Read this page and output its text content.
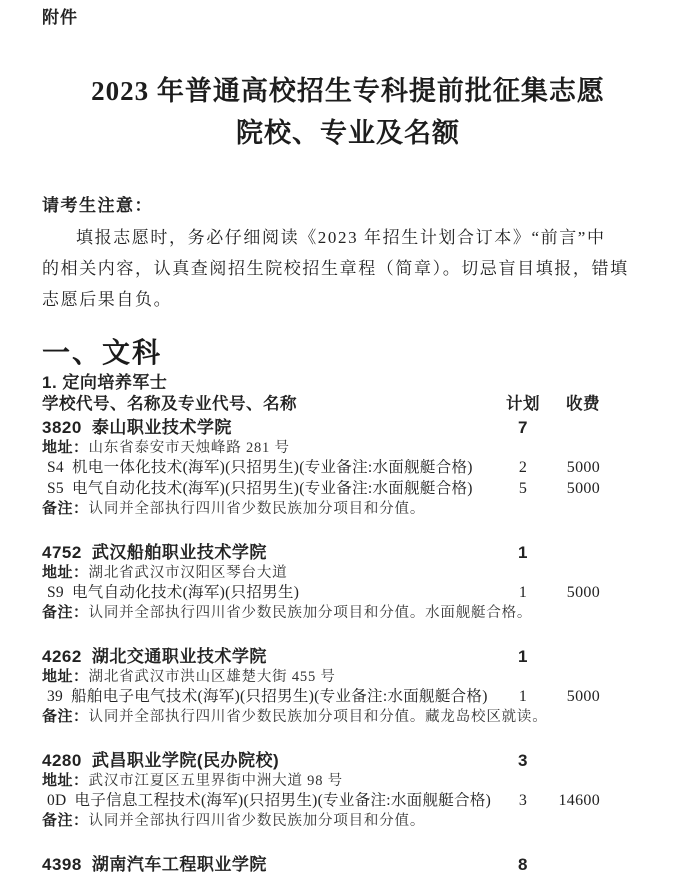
附件
2023 年普通高校招生专科提前批征集志愿
院校、专业及名额
请考生注意：
填报志愿时，务必仔细阅读《2023 年招生计划合订本》“前言”中
的相关内容，认真查阅招生院校招生章程（简章）。切忌盲目填报，错填
志愿后果自负。
一、文科
1. 定向培养军士
学校代号、名称及专业代号、名称	计划	收费
3820 泰山职业技术学院	7
地址：山东省泰安市天烛峰路 281 号
S4 机电一体化技术(海军)(只招男生)(专业备注:水面舰艇合格)	2	5000
S5 电气自动化技术(海军)(只招男生)(专业备注:水面舰艇合格)	5	5000
备注：认同并全部执行四川省少数民族加分项目和分值。
4752 武汉船舶职业技术学院	1
地址：湖北省武汉市汉阳区琴台大道
S9 电气自动化技术(海军)(只招男生)	1	5000
备注：认同并全部执行四川省少数民族加分项目和分值。水面舰艇合格。
4262 湖北交通职业技术学院	1
地址：湖北省武汉市洪山区雄楚大街 455 号
39 船舶电子电气技术(海军)(只招男生)(专业备注:水面舰艇合格)	1	5000
备注：认同并全部执行四川省少数民族加分项目和分值。藏龙岛校区就读。
4280 武昌职业学院(民办院校)	3
地址：武汉市江夏区五里界街中洲大道 98 号
0D 电子信息工程技术(海军)(只招男生)(专业备注:水面舰艇合格)	3	14600
备注：认同并全部执行四川省少数民族加分项目和分值。
4398 湖南汽车工程职业学院	8
